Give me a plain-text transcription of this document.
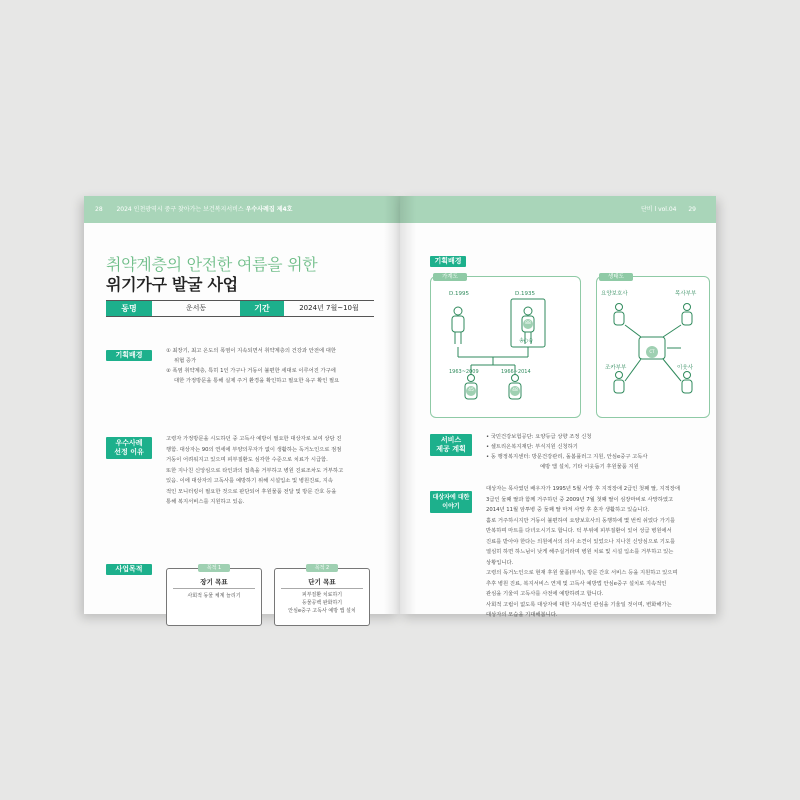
28 2024 인천광역시 중구 찾아가는 보건복지서비스 우수사례집 제4호
취약계층의 안전한 여름을 위한
위기가구 발굴 사업
동명	운서동	기간	2024년 7월~10월
기획배경	① 최장기, 최고 온도의 폭염이 지속되면서 취약계층의 건강과 안전에 대한
위협 증가
② 폭염 취약계층, 특히 1인 가구나 거동이 불편한 세대로 이루어진 가구에
대한 가정방문을 통해 실제 주거 환경을 확인하고 필요한 욕구 확인 필요
우수사례
선정 이유
고령자 가정방문을 시도하던 중 고독사 예방이 필요한 대상자로 보여 상담 진
행함. 대상자는 90의 연세에 부양의무자가 없이 생활하는 독거노인으로 점점
거동이 어려워지고 있으며 피부질환도 심각한 수준으로 치료가 시급함.
또한 지나친 신앙심으로 타인과의 접촉을 거부하고 병원 진료조차도 거부하고
있음. 이에 대상자의 고독사를 예방하기 위해 시설입소 및 병원진료, 지속
적인 모니터링이 필요한 것으로 판단되어 후원물품 전달 및 방문 간호 등을
통해 복지서비스를 지원하고 있음.
사업목적	목적 1
장기 목표
사회적 동물 체계 늘리기
목적 2
단기 목표
피부질환 치료하기
등물공백 완화하기
안심e중구 고독사 예방 앱 설치
단비 l vol.04 29
기획배경
가계도
D.1995	D.1935
88
송○숙
1963~2009	1966~2014
45	48
생태도
요양보호사	목사부부
조카부부	이웃사
CT
서비스
제공 계획
• 국민건강보험공단: 요양등급 상향 조정 신청
• 셀트리온복지재단: 부식지원 신청하기
• 동 행정복지센터: 방문건강관리, 돌봄플러그 지원, 안심e중구 고독사
예방 앱 설치, 기타 이웃돕기 후원물품 지원
대상자에 대한
이야기
대상자는 목사였던 배우자가 1995년 5월 사망 후 지적장애 2급인 첫째 딸, 지적장애
3급인 둘째 딸과 함께 거주하던 중 2009년 7월 첫째 딸이 심장마비로 사망하였고
2014년 11월 암투병 중 둘째 딸 마저 사망 후 혼자 생활하고 있습니다.
홀로 거주하시지만 거동이 불편하여 요양보호사의 동행하에 몇 번씩 쉬었다 가기를
반복하며 마트를 다녀오시기도 합니다. 턱 부위에 피부질환이 있어 성급 병원에서
진료를 받아야 한다는 의원에서의 의사 소견이 있었으나 지나친 신앙심으로 기도를
열심히 하면 하느님이 낫게 해주실거라며 병원 치료 및 시설 입소를 거부하고 있는
상황입니다.
고령의 독거노인으로 현재 후원 물품(부식), 방문 간호 서비스 등을 지원하고 있으며
추후 병원 진료, 복지서비스 연계 및 고독사 예방법 안심e중구 설치로 지속적인
관심을 기울여 고독사를 사전에 예방하려고 합니다.
사회적 고립이 없도록 대상자에 대한 지속적인 관심을 기울일 것이며, 변화해가는
대상자의 모습을 기대해봅니다.
